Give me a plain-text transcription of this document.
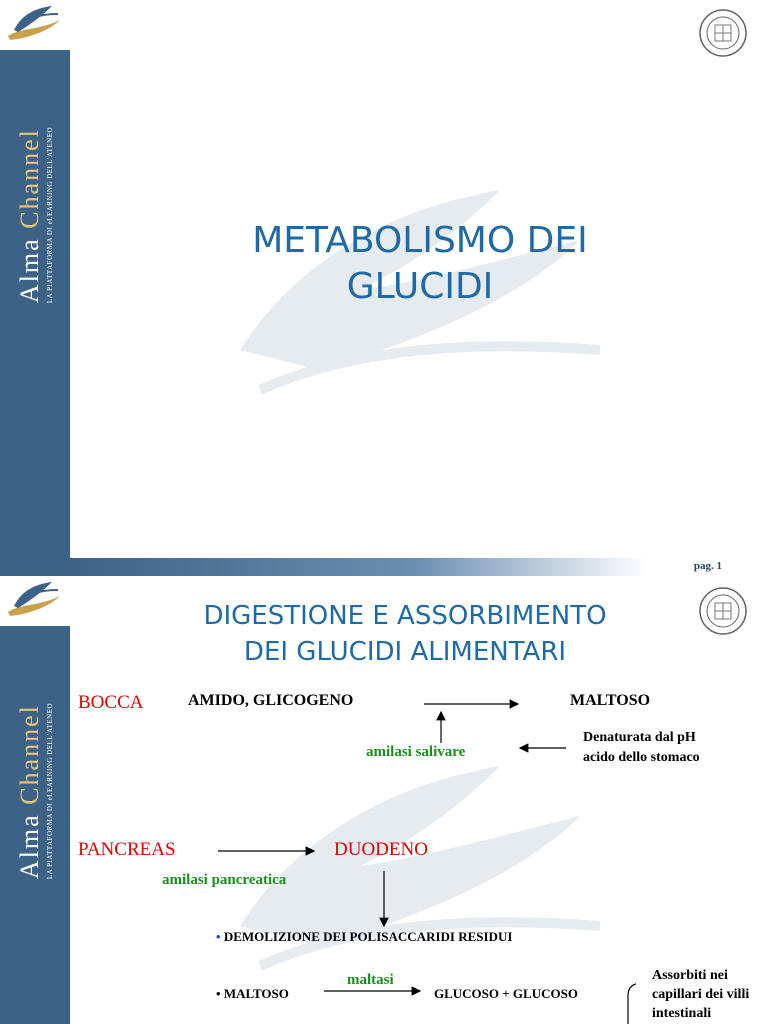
Alma Channel LA PIATTAFORMA DI eLEARNING DELL'ATENEO	METABOLISMO DEI
GLUCIDI
pag. 1
Alma Channel LA PIATTAFORMA DI eLEARNING DELL'ATENEO
DIGESTIONE E ASSORBIMENTO
DEI GLUCIDI ALIMENTARI
BOCCA	AMIDO, GLICOGENO	MALTOSO
amilasi salivare
Denaturata dal pH acido dello stomaco
PANCREAS	DUODENO
amilasi pancreatica
• DEMOLIZIONE DEI POLISACCARIDI RESIDUI
maltasi
• MALTOSO	GLUCOSO + GLUCOSO
Assorbiti nei capillari dei villi intestinali
